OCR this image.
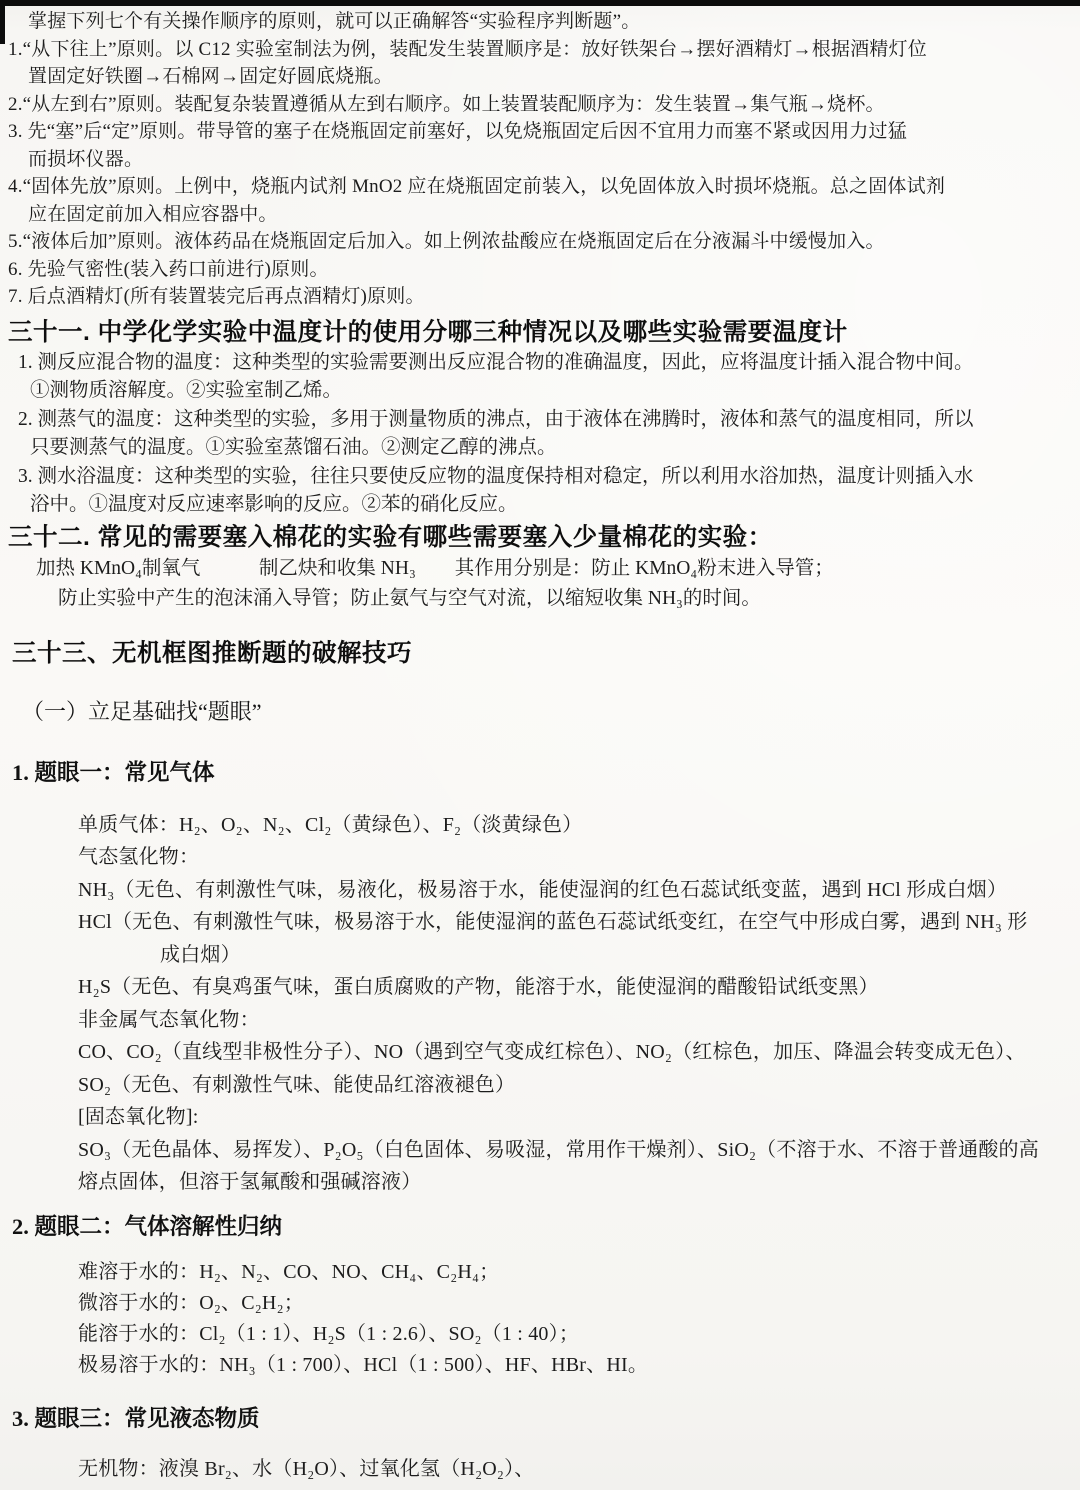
掌握下列七个有关操作顺序的原则，就可以正确解答“实验程序判断题”。
1.“从下往上”原则。以 C12 实验室制法为例，装配发生装置顺序是：放好铁架台→摆好酒精灯→根据酒精灯位
置固定好铁圈→石棉网→固定好圆底烧瓶。
2.“从左到右”原则。装配复杂装置遵循从左到右顺序。如上装置装配顺序为：发生装置→集气瓶→烧杯。
3. 先“塞”后“定”原则。带导管的塞子在烧瓶固定前塞好，以免烧瓶固定后因不宜用力而塞不紧或因用力过猛
而损坏仪器。
4.“固体先放”原则。上例中，烧瓶内试剂 MnO2 应在烧瓶固定前装入，以免固体放入时损坏烧瓶。总之固体试剂
应在固定前加入相应容器中。
5.“液体后加”原则。液体药品在烧瓶固定后加入。如上例浓盐酸应在烧瓶固定后在分液漏斗中缓慢加入。
6. 先验气密性(装入药口前进行)原则。
7. 后点酒精灯(所有装置装完后再点酒精灯)原则。
三十一. 中学化学实验中温度计的使用分哪三种情况以及哪些实验需要温度计
1. 测反应混合物的温度：这种类型的实验需要测出反应混合物的准确温度，因此，应将温度计插入混合物中间。
①测物质溶解度。②实验室制乙烯。
2. 测蒸气的温度：这种类型的实验，多用于测量物质的沸点，由于液体在沸腾时，液体和蒸气的温度相同，所以
只要测蒸气的温度。①实验室蒸馏石油。②测定乙醇的沸点。
3. 测水浴温度：这种类型的实验，往往只要使反应物的温度保持相对稳定，所以利用水浴加热，温度计则插入水
浴中。①温度对反应速率影响的反应。②苯的硝化反应。
三十二. 常见的需要塞入棉花的实验有哪些需要塞入少量棉花的实验：
加热 KMnO₄制氧气　　　制乙炔和收集 NH₃　　其作用分别是：防止 KMnO₄粉末进入导管；
防止实验中产生的泡沫涌入导管；防止氨气与空气对流，以缩短收集 NH₃的时间。
三十三、无机框图推断题的破解技巧
（一）立足基础找“题眼”
1. 题眼一：常见气体
单质气体：H₂、O₂、N₂、Cl₂（黄绿色）、F₂（淡黄绿色）
气态氢化物：
NH₃（无色、有刺激性气味，易液化，极易溶于水，能使湿润的红色石蕊试纸变蓝，遇到 HCl 形成白烟）
HCl（无色、有刺激性气味，极易溶于水，能使湿润的蓝色石蕊试纸变红，在空气中形成白雾，遇到 NH₃ 形
成白烟）
H₂S（无色、有臭鸡蛋气味，蛋白质腐败的产物，能溶于水，能使湿润的醋酸铅试纸变黑）
非金属气态氧化物：
CO、CO₂（直线型非极性分子）、NO（遇到空气变成红棕色）、NO₂（红棕色，加压、降温会转变成无色）、
SO₂（无色、有刺激性气味、能使品红溶液褪色）
[固态氧化物]:
SO₃（无色晶体、易挥发）、P₂O₅（白色固体、易吸湿，常用作干燥剂）、SiO₂（不溶于水、不溶于普通酸的高
熔点固体，但溶于氢氟酸和强碱溶液）
2. 题眼二：气体溶解性归纳
难溶于水的：H₂、N₂、CO、NO、CH₄、C₂H₄；
微溶于水的：O₂、C₂H₂；
能溶于水的：Cl₂（1 : 1）、H₂S（1 : 2.6）、SO₂（1 : 40）；
极易溶于水的：NH₃（1 : 700）、HCl（1 : 500）、HF、HBr、HI。
3. 题眼三：常见液态物质
无机物：液溴 Br₂、水（H₂O）、过氧化氢（H₂O₂）、
